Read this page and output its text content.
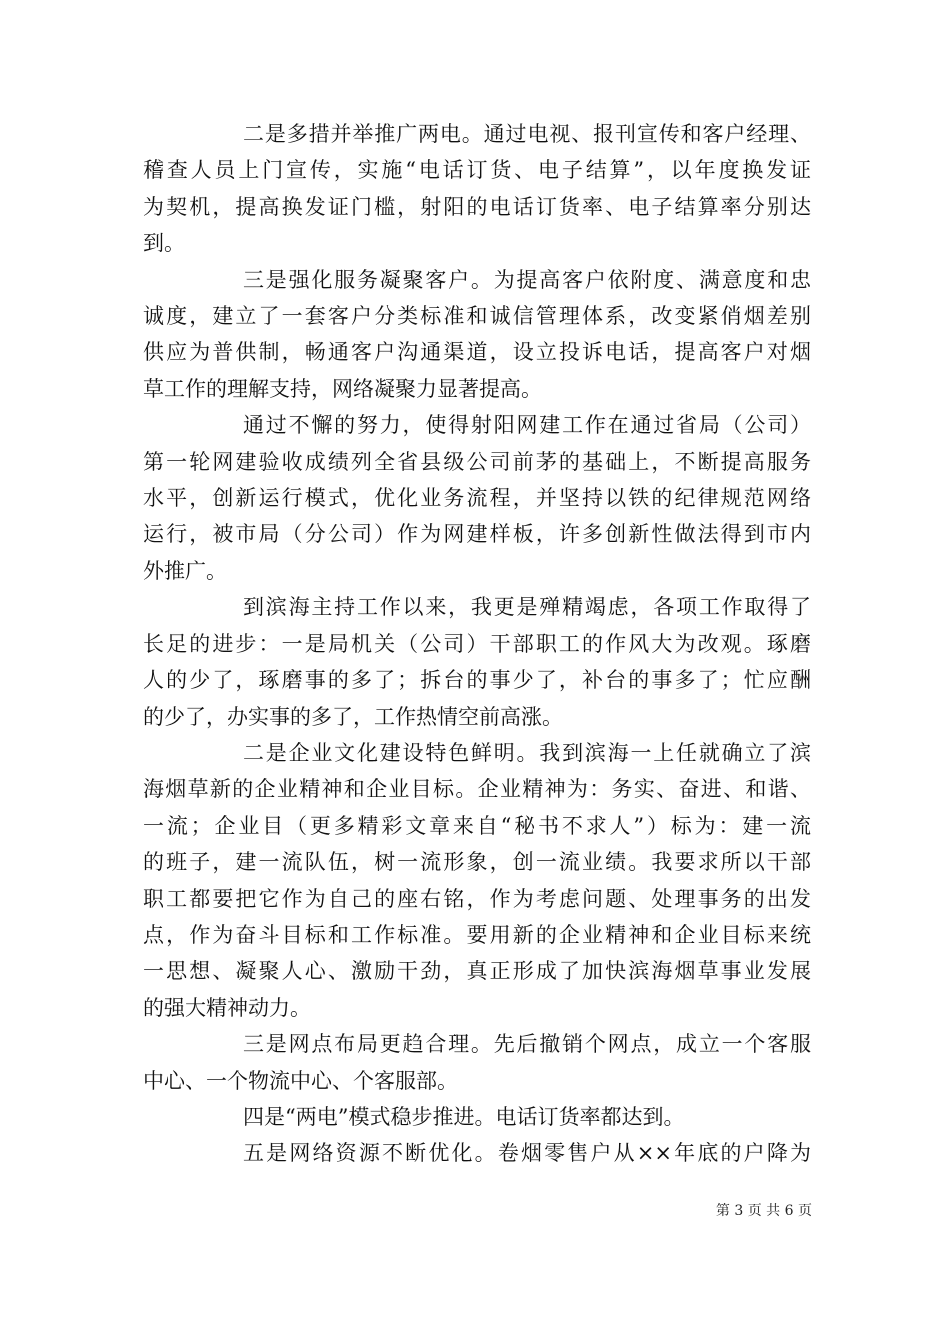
二是多措并举推广两电。通过电视、报刊宣传和客户经理、
稽查人员上门宣传，实施“电话订货、电子结算”，以年度换发证
为契机，提高换发证门槛，射阳的电话订货率、电子结算率分别达
到。

三是强化服务凝聚客户。为提高客户依附度、满意度和忠
诚度，建立了一套客户分类标准和诚信管理体系，改变紧俏烟差别
供应为普供制，畅通客户沟通渠道，设立投诉电话，提高客户对烟
草工作的理解支持，网络凝聚力显著提高。

通过不懈的努力，使得射阳网建工作在通过省局（公司）
第一轮网建验收成绩列全省县级公司前茅的基础上，不断提高服务
水平，创新运行模式，优化业务流程，并坚持以铁的纪律规范网络
运行，被市局（分公司）作为网建样板，许多创新性做法得到市内
外推广。

到滨海主持工作以来，我更是殚精竭虑，各项工作取得了
长足的进步：一是局机关（公司）干部职工的作风大为改观。琢磨
人的少了，琢磨事的多了；拆台的事少了，补台的事多了；忙应酬
的少了，办实事的多了，工作热情空前高涨。

二是企业文化建设特色鲜明。我到滨海一上任就确立了滨
海烟草新的企业精神和企业目标。企业精神为：务实、奋进、和谐、
一流；企业目（更多精彩文章来自“秘书不求人”）标为：建一流
的班子，建一流队伍，树一流形象，创一流业绩。我要求所以干部
职工都要把它作为自己的座右铭，作为考虑问题、处理事务的出发
点，作为奋斗目标和工作标准。要用新的企业精神和企业目标来统
一思想、凝聚人心、激励干劲，真正形成了加快滨海烟草事业发展
的强大精神动力。

三是网点布局更趋合理。先后撤销个网点，成立一个客服
中心、一个物流中心、个客服部。

四是“两电”模式稳步推进。电话订货率都达到。

五是网络资源不断优化。卷烟零售户从××年底的户降为

第 3 页 共 6 页
